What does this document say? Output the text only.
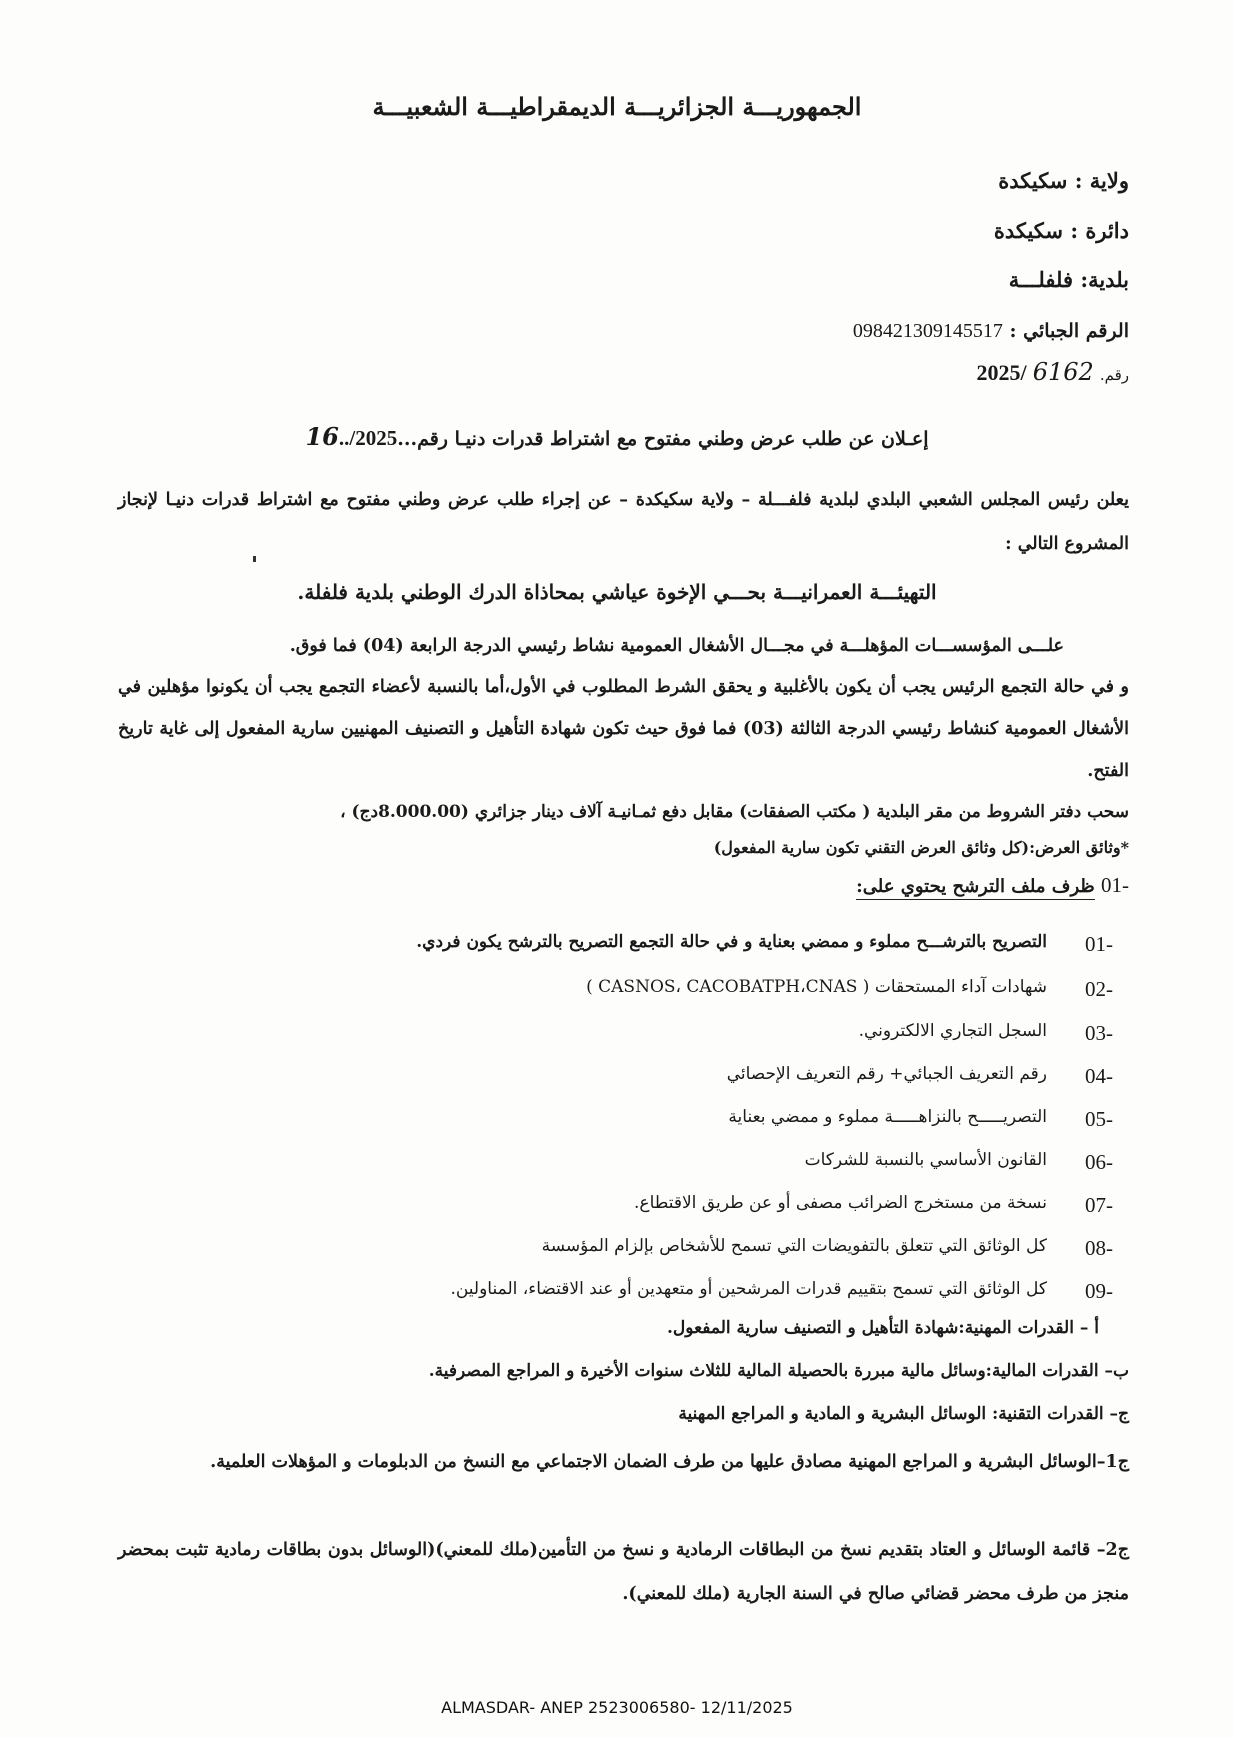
الجمهوريـــة الجزائريـــة الديمقراطيـــة الشعبيـــة
ولاية : سكيكدة
دائرة : سكيكدة
بلدية: فلفلـــة
الرقم الجبائي : 098421309145517
رقم. 6162 2025/
إعـلان عن طلب عرض وطني مفتوح مع اشتراط قدرات دنيـا رقم...16../2025
يعلن رئيس المجلس الشعبي البلدي لبلدية فلفـــلة – ولاية سكيكدة – عن إجراء طلب عرض وطني مفتوح مع اشتراط قدرات دنيـا لإنجاز المشروع التالي :
التهيئـــة العمرانيـــة بحـــي الإخوة عياشي بمحاذاة الدرك الوطني بلدية فلفلة.
علـــى المؤسســـات المؤهلـــة في مجـــال الأشغال العمومية نشاط رئيسي الدرجة الرابعة (04) فما فوق.
و في حالة التجمع الرئيس يجب أن يكون بالأغلبية و يحقق الشرط المطلوب في الأول،أما بالنسبة لأعضاء التجمع يجب أن يكونوا مؤهلين في الأشغال العمومية كنشاط رئيسي الدرجة الثالثة (03) فما فوق حيث تكون شهادة التأهيل و التصنيف المهنيين سارية المفعول إلى غاية تاريخ الفتح.
سحب دفتر الشروط من مقر البلدية ( مكتب الصفقات) مقابل دفع ثمـانيـة آلاف دينار جزائري (8.000.00دج) ،
*وثائق العرض:(كل وثائق العرض التقني تكون سارية المفعول)
01- ظرف ملف الترشح يحتوي على:
01-
التصريح بالترشـــح مملوء و ممضي بعناية و في حالة التجمع التصريح بالترشح يكون فردي.
02-
شهادات آداء المستحقات ( CASNOS، CACOBATPH،CNAS )
03-
السجل التجاري الالكتروني.
04-
رقم التعريف الجبائي+ رقم التعريف الإحصائي
05-
التصريـــــح بالنزاهـــــة مملوء و ممضي بعناية
06-
القانون الأساسي بالنسبة للشركات
07-
نسخة من مستخرج الضرائب مصفى أو عن طريق الاقتطاع.
08-
كل الوثائق التي تتعلق بالتفويضات التي تسمح للأشخاص بإلزام المؤسسة
09-
كل الوثائق التي تسمح بتقييم قدرات المرشحين أو متعهدين أو عند الاقتضاء، المناولين.
أ – القدرات المهنية:شهادة التأهيل و التصنيف سارية المفعول.
ب– القدرات المالية:وسائل مالية مبررة بالحصيلة المالية للثلاث سنوات الأخيرة و المراجع المصرفية.
ج– القدرات التقنية: الوسائل البشرية و المادية و المراجع المهنية
ج1–الوسائل البشرية و المراجع المهنية مصادق عليها من طرف الضمان الاجتماعي مع النسخ من الدبلومات و المؤهلات العلمية.
ج2– قائمة الوسائل و العتاد بتقديم نسخ من البطاقات الرمادية و نسخ من التأمين(ملك للمعني)(الوسائل بدون بطاقات رمادية تثبت بمحضر منجز من طرف محضر قضائي صالح في السنة الجارية (ملك للمعني).
ALMASDAR- ANEP 2523006580- 12/11/2025
